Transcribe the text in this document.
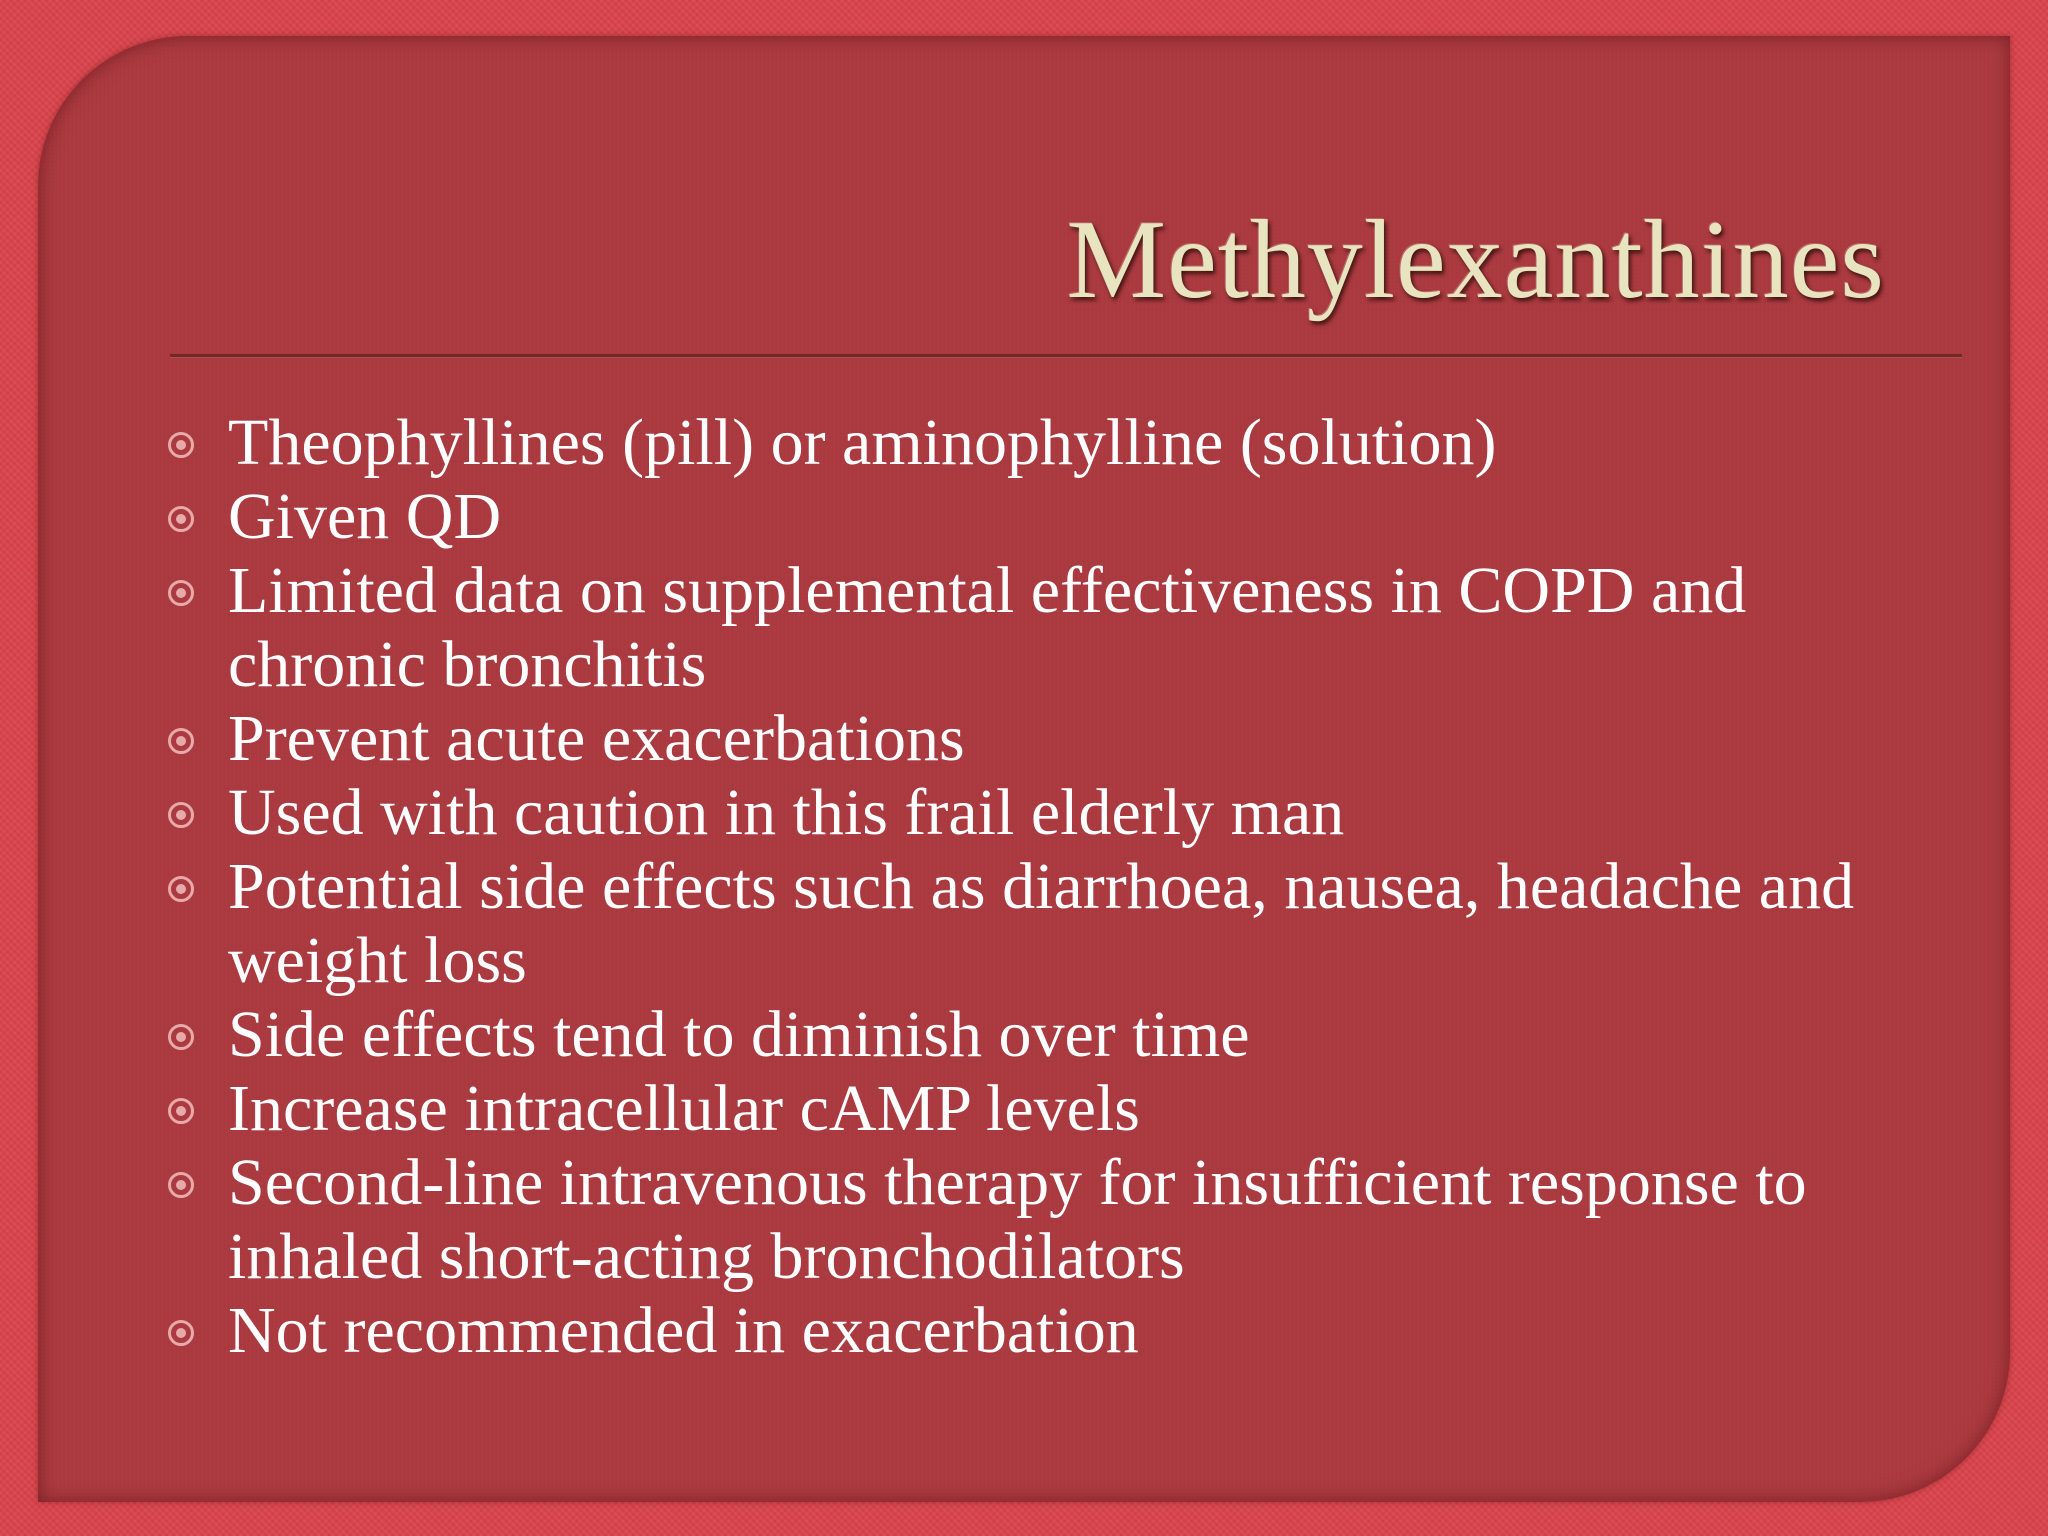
Methylexanthines
Theophyllines (pill) or aminophylline (solution)
Given QD
Limited data on supplemental effectiveness in COPD and chronic bronchitis
Prevent acute exacerbations
Used with caution in this frail elderly man
Potential side effects such as diarrhoea, nausea, headache and weight loss
Side effects tend to diminish over time
Increase intracellular cAMP levels
Second-line intravenous therapy for insufficient response to inhaled short-acting bronchodilators
Not recommended in exacerbation
